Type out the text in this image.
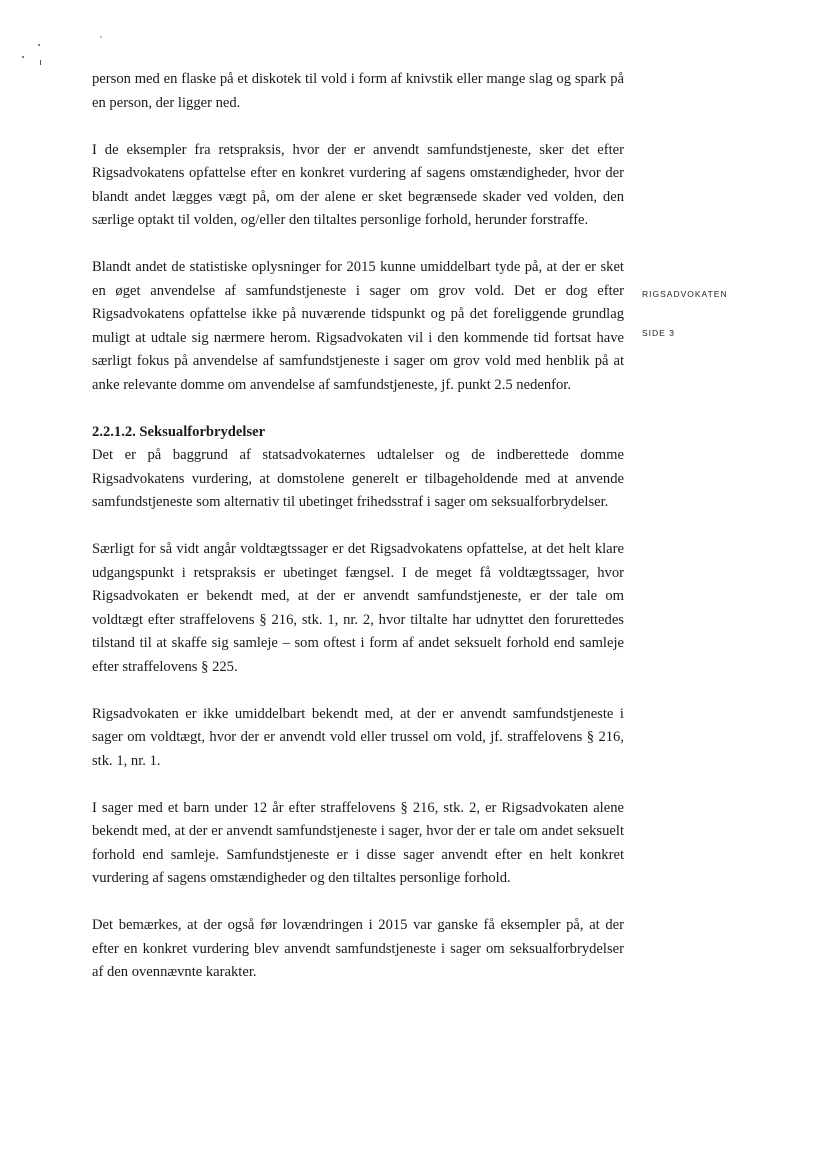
person med en flaske på et diskotek til vold i form af knivstik eller mange slag og spark på en person, der ligger ned.

I de eksempler fra retspraksis, hvor der er anvendt samfundstjeneste, sker det efter Rigsadvokatens opfattelse efter en konkret vurdering af sagens omstændigheder, hvor der blandt andet lægges vægt på, om der alene er sket begrænsede skader ved volden, den særlige optakt til volden, og/eller den tiltaltes personlige forhold, herunder forstraffe.

Blandt andet de statistiske oplysninger for 2015 kunne umiddelbart tyde på, at der er sket en øget anvendelse af samfundstjeneste i sager om grov vold. Det er dog efter Rigsadvokatens opfattelse ikke på nuværende tidspunkt og på det foreliggende grundlag muligt at udtale sig nærmere herom. Rigsadvokaten vil i den kommende tid fortsat have særligt fokus på anvendelse af samfundstjeneste i sager om grov vold med henblik på at anke relevante domme om anvendelse af samfundstjeneste, jf. punkt 2.5 nedenfor.

2.2.1.2. Seksualforbrydelser

Det er på baggrund af statsadvokaternes udtalelser og de indberettede domme Rigsadvokatens vurdering, at domstolene generelt er tilbageholdende med at anvende samfundstjeneste som alternativ til ubetinget frihedsstraf i sager om seksualforbrydelser.

Særligt for så vidt angår voldtægtssager er det Rigsadvokatens opfattelse, at det helt klare udgangspunkt i retspraksis er ubetinget fængsel. I de meget få voldtægtssager, hvor Rigsadvokaten er bekendt med, at der er anvendt samfundstjeneste, er der tale om voldtægt efter straffelovens § 216, stk. 1, nr. 2, hvor tiltalte har udnyttet den forurettedes tilstand til at skaffe sig samleje – som oftest i form af andet seksuelt forhold end samleje efter straffelovens § 225.

Rigsadvokaten er ikke umiddelbart bekendt med, at der er anvendt samfundstjeneste i sager om voldtægt, hvor der er anvendt vold eller trussel om vold, jf. straffelovens § 216, stk. 1, nr. 1.

I sager med et barn under 12 år efter straffelovens § 216, stk. 2, er Rigsadvokaten alene bekendt med, at der er anvendt samfundstjeneste i sager, hvor der er tale om andet seksuelt forhold end samleje. Samfundstjeneste er i disse sager anvendt efter en helt konkret vurdering af sagens omstændigheder og den tiltaltes personlige forhold.

Det bemærkes, at der også før lovændringen i 2015 var ganske få eksempler på, at der efter en konkret vurdering blev anvendt samfundstjeneste i sager om seksualforbrydelser af den ovennævnte karakter.

RIGSADVOKATEN
SIDE 3
